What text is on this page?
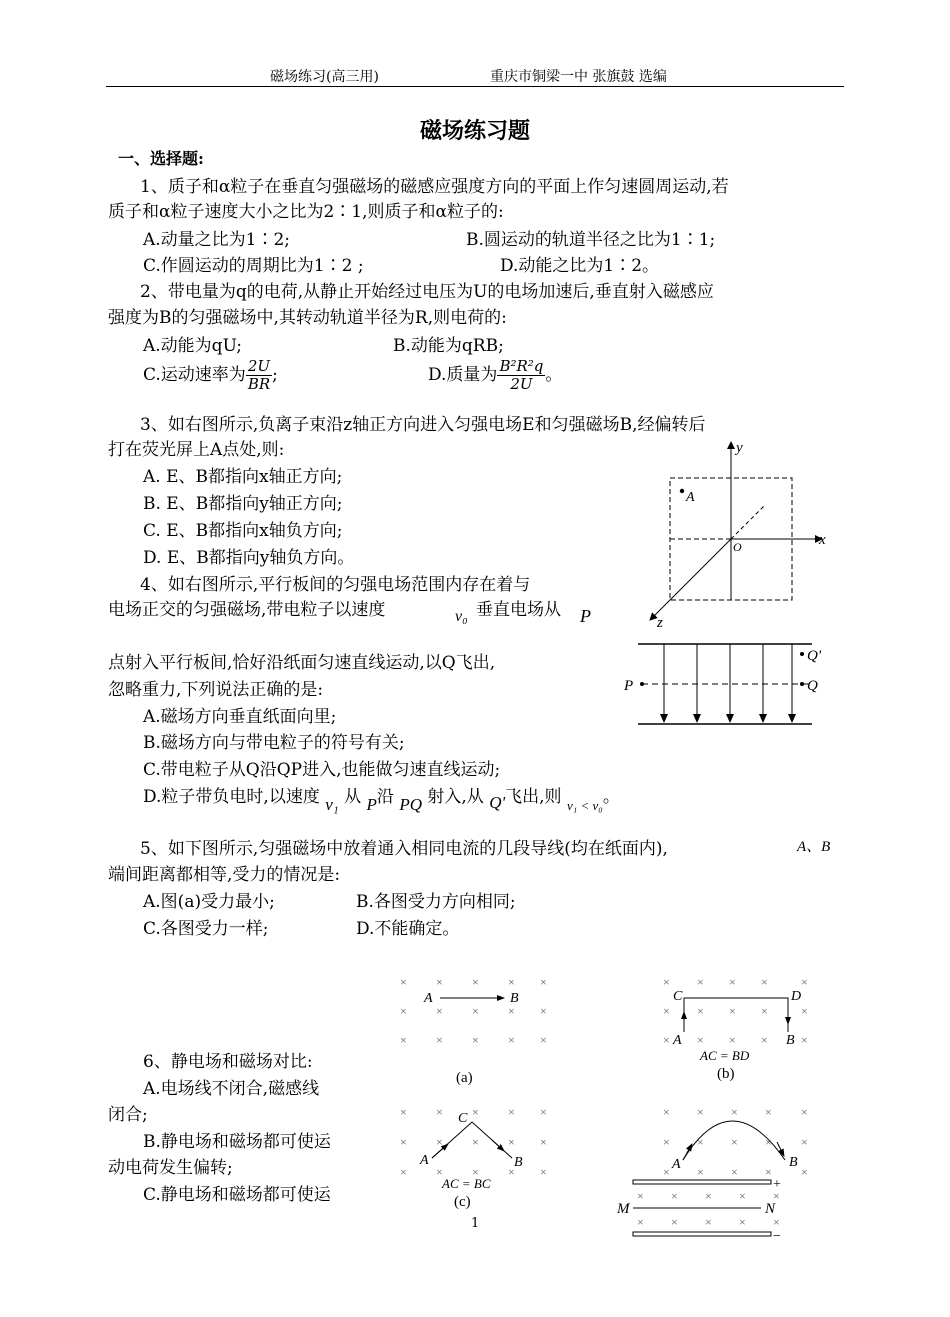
磁场练习(高三用)	重庆市铜梁一中 张旗鼓 选编
磁场练习题
一、选择题:
1、质子和α粒子在垂直匀强磁场的磁感应强度方向的平面上作匀速圆周运动,若
质子和α粒子速度大小之比为2∶1,则质子和α粒子的:
A.动量之比为1∶2;	B.圆运动的轨道半径之比为1∶1;
C.作圆运动的周期比为1∶2 ;	D.动能之比为1∶2。
2、带电量为q的电荷,从静止开始经过电压为U的电场加速后,垂直射入磁感应
强度为B的匀强磁场中,其转动轨道半径为R,则电荷的:
A.动能为qU;	B.动能为qRB;
C.运动速率为 $\frac{2U}{BR}$ ;	D.质量为 $\frac{\text{B²R²q}}{2U}$ 。
3、如右图所示,负离子束沿z轴正方向进入匀强电场E和匀强磁场B,经偏转后
打在荧光屏上A点处,则:
A. E、B都指向x轴正方向;
B. E、B都指向y轴正方向;
C. E、B都指向x轴负方向;
D. E、B都指向y轴负方向。
y
x
z
O
A
4、如右图所示,平行板间的匀强电场范围内存在着与
电场正交的匀强磁场,带电粒子以速度	v₀ 垂直电场从 P
点射入平行板间,恰好沿纸面匀速直线运动,以Q飞出,
忽略重力,下列说法正确的是:
A.磁场方向垂直纸面向里;
B.磁场方向与带电粒子的符号有关;
C.带电粒子从Q沿QP进入,也能做匀速直线运动;
D.粒子带负电时,以速度 v₁ 从 P沿 PQ 射入,从 Q'飞出,则 $_{v_1 < v_0}$。
P	Q
Q'
5、如下图所示,匀强磁场中放着通入相同电流的几段导线(均在纸面内),	A、B
端间距离都相等,受力的情况是:
A.图(a)受力最小;	B.各图受力方向相同;
C.各图受力一样;	D.不能确定。
6、静电场和磁场对比:
A.电场线不闭合,磁感线
闭合;
B.静电场和磁场都可使运
动电荷发生偏转;
C.静电场和磁场都可使运
× × × × ×
× × × × ×
× × × × ×
A	B
(a)
× × × ×	×
× × × ×	×
× × × ×	×
C	D
A	B
AC = BD
(b)
× × × × ×
× × × × ×
× × × × ×
C
A	B
AC = BC
(c)
× × × × ×
× × × × ×
× × × × ×
× × × × ×
× × × × ×
A	B
+
−
M	N
1
